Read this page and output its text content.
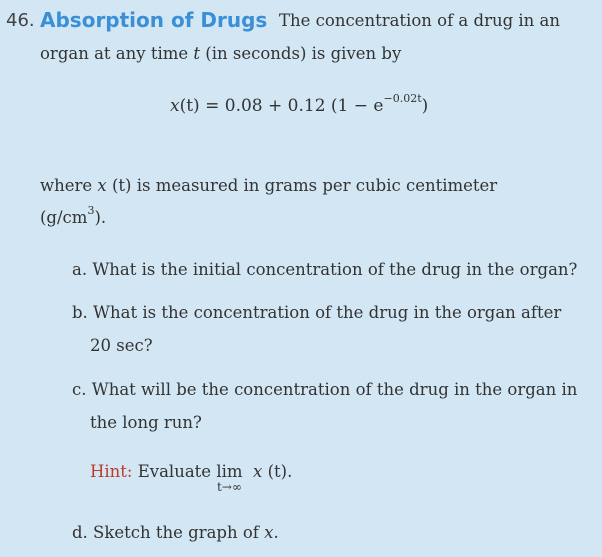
46. Absorption of Drugs The concentration of a drug in an
organ at any time t (in seconds) is given by
x(t) = 0.08 + 0.12 $(1 - e^{-0.02t})$
where x (t) is measured in grams per cubic centimeter
$(g/cm^3)$.
a. What is the initial concentration of the drug in the organ?
b. What is the concentration of the drug in the organ after
20 sec?
c. What will be the concentration of the drug in the organ in
the long run?
Hint: Evaluate lim
t→∞
x (t).
d. Sketch the graph of x.
